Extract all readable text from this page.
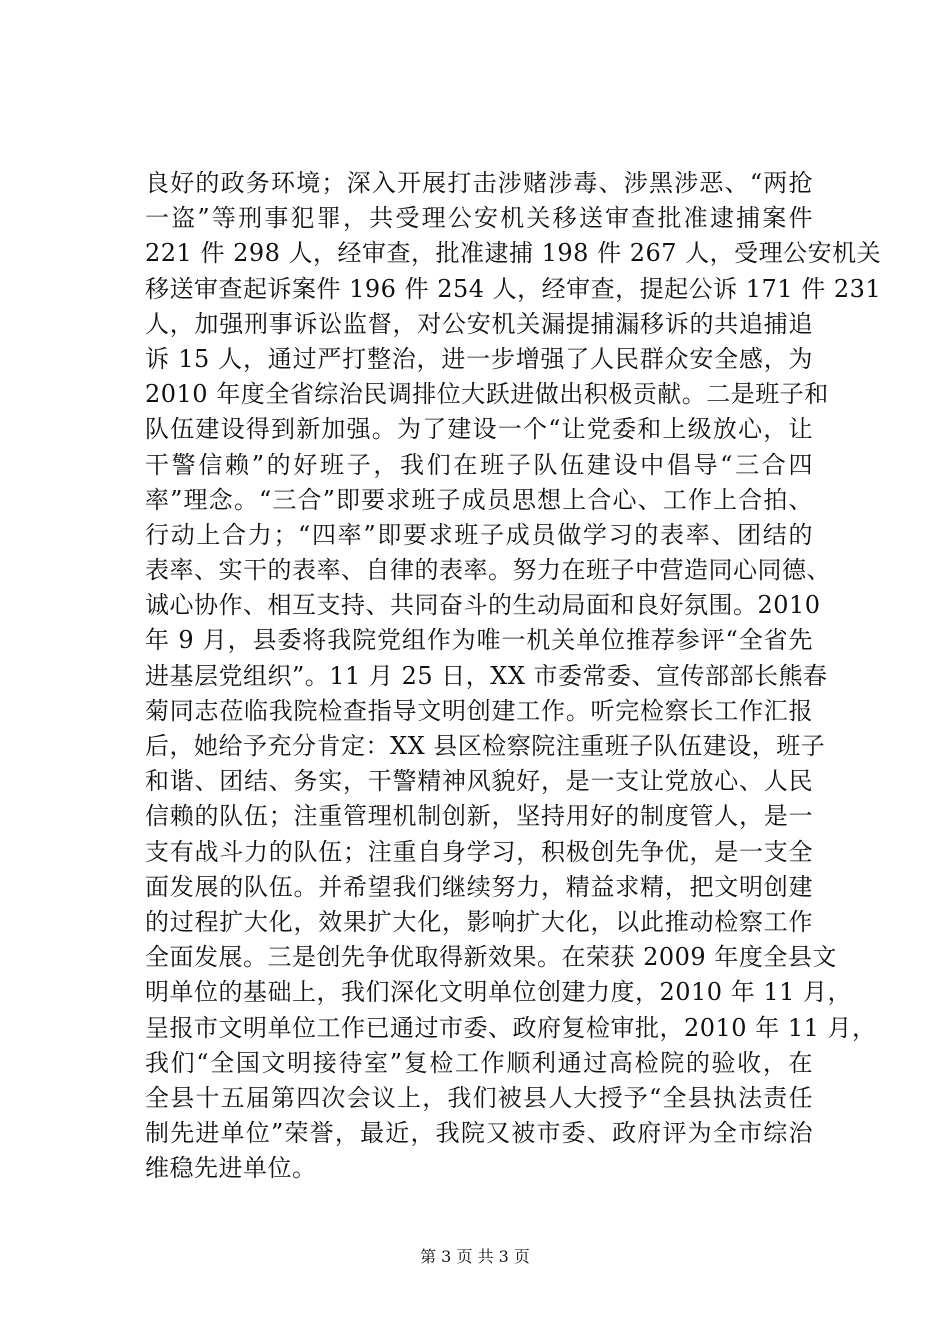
良好的政务环境；深入开展打击涉赌涉毒、涉黑涉恶、“两抢
一盗”等刑事犯罪，共受理公安机关移送审查批准逮捕案件
221 件 298 人，经审查，批准逮捕 198 件 267 人，受理公安机关
移送审查起诉案件 196 件 254 人，经审查，提起公诉 171 件 231
人，加强刑事诉讼监督，对公安机关漏提捕漏移诉的共追捕追
诉 15 人，通过严打整治，进一步增强了人民群众安全感，为
2010 年度全省综治民调排位大跃进做出积极贡献。二是班子和
队伍建设得到新加强。为了建设一个“让党委和上级放心，让
干警信赖”的好班子，我们在班子队伍建设中倡导“三合四
率”理念。“三合”即要求班子成员思想上合心、工作上合拍、
行动上合力；“四率”即要求班子成员做学习的表率、团结的
表率、实干的表率、自律的表率。努力在班子中营造同心同德、
诚心协作、相互支持、共同奋斗的生动局面和良好氛围。2010
年 9 月，县委将我院党组作为唯一机关单位推荐参评“全省先
进基层党组织”。11 月 25 日，XX 市委常委、宣传部部长熊春
菊同志莅临我院检查指导文明创建工作。听完检察长工作汇报
后，她给予充分肯定：XX 县区检察院注重班子队伍建设，班子
和谐、团结、务实，干警精神风貌好，是一支让党放心、人民
信赖的队伍；注重管理机制创新，坚持用好的制度管人，是一
支有战斗力的队伍；注重自身学习，积极创先争优，是一支全
面发展的队伍。并希望我们继续努力，精益求精，把文明创建
的过程扩大化，效果扩大化，影响扩大化，以此推动检察工作
全面发展。三是创先争优取得新效果。在荣获 2009 年度全县文
明单位的基础上，我们深化文明单位创建力度，2010 年 11 月，
呈报市文明单位工作已通过市委、政府复检审批，2010 年 11 月，
我们“全国文明接待室”复检工作顺利通过高检院的验收，在
全县十五届第四次会议上，我们被县人大授予“全县执法责任
制先进单位”荣誉，最近，我院又被市委、政府评为全市综治
维稳先进单位。
第 3 页 共 3 页
